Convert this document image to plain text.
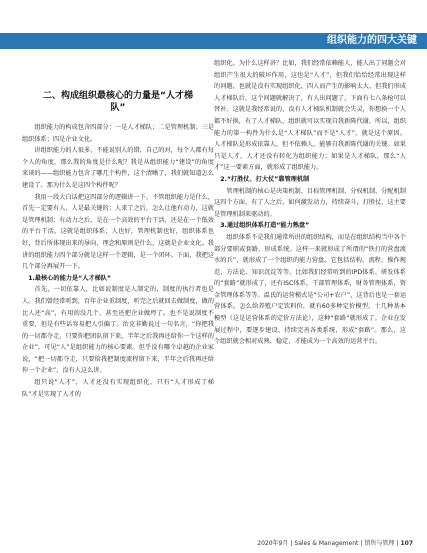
组织能力的四大关键
二、构成组织最核心的力量是“人才梯
队”

组织能力的构成包含四部分：一是人才梯队；二是管理机制；三是组织体系；四是企业文化。

讲组织能力的人很多，不能说别人的错，自己的对，每个人都有每个人的角度，那么我的角度是什么呢？我是从组织能力“建设”的角度来谈的——组织能力包含了哪几个构件，这个清晰了，我们就知道怎么建设了。那为什么是这四个构件呢？

我用一段大白话把这四部分的逻辑讲一下。不管组织能力是什么，首先一定要有人，人是最关键的；人来了之后，怎么让他有动力，这就是管理机制；有动力之后，是在一个高效的平台干活，还是在一个低效的平台干活，这就是组织体系；人也好，管理机制也好，组织体系也好，背后所体现出来的导向、理念和原则是什么，这就是企业文化。我讲的组织能力四个部分就是这样一个逻辑，是一个闭环。下面，我把这几个部分再展开一下。

1.最核心的能力是“人才梯队”

首先，一切依靠人，比如说制度是人制定的，制度的执行者也是人。我们曾经常听到，百年企业重制度，听完之后就回去做制度，做的比人还“高”，有用的没几个，甚至还把企业做垮了。也不是说制度不重要，但是有些话容易把人引偏了。治克非勤说过一句名言，“你把我的一切都夺走，只要你把团队留下来，半年之后我再还给你一个这样的企业”。可见“人”是组织能力的核心要素。但乎没有哪个卓越的企业家说，“把一切都夺走，只要给我把制度流程留下来，半年之后我再还给你一个企业”，没有人这么讲。

组只说“人才”，人才还没有实现组织化，只有“人才形成了梯队”才是实现了人才的

组织化。为什么这样讲？比如，我们经常依赖能人，能人出了问题会对组织产生很大的破坏作用，这也是“人才”，但我们恰恰经常出现这样的问题，也就是没有实现组织化，四人而产生的影响太大。但我们形成人才梯队后，这个问题就解决了，有人出问题了，下面有七八条枪可以替补。这就是我经常说的，没有人才梯队机制就会失灵，你想换一个人都不好换，有了人才梯队，组织就可以实现自我新陈代谢，所以，组织能力的第一构件为什么是“人才梯队”而不是“人才”，就是这个原因。人才梯队是形成依靠人，但不依赖人，能够自我新陈代谢的关键。如果只是人才，人才还没有转化为组织能力；如果是人才梯队，那么“人才”这一要素方面，就形成了组织能力。

2.“打胜仗、打大仗”靠管理机制

管理机制的核心是决策机制、目标管理机制、分权机制、分配机制这四个方面，有了人之后，如何激发动力，持续奋斗，打胜仗，这主要是管理机制来驱动的。

3.通过组织体系打造“能力熟盘”

组织体系不是我们通常所讲的组织结构，而是在组织结构当中各个部分要职或套路，形成系统。这样一来就形成了所谓的“铁打的营盘流水的兵”，就形成了一个组织的能力营盘。它包括结构、流程、操作规范、方法论、知识沉淀等等。比如我们经常听到的IPD体系、研发体系的“套路”就形成了，还有ISC体系，干部管理体系，财务管理体系，资金管理体系等等。温氏的运营模式是“公司+农户”，这背后也是一套运营体系，怎么给养殖户定饮料价，就有60多种定价模型，十几种基本模型（这是运营体系的定价方法论），这种“套路”就形成了。企业在发展过程中，要逐步建设、持续完善各类系统，形成“套路”。那么，这个组织就会相对成熟、稳定，才能成为一个高效的运营平台。

2020年9月 | Sales & Management | 销售与管理 | 107
